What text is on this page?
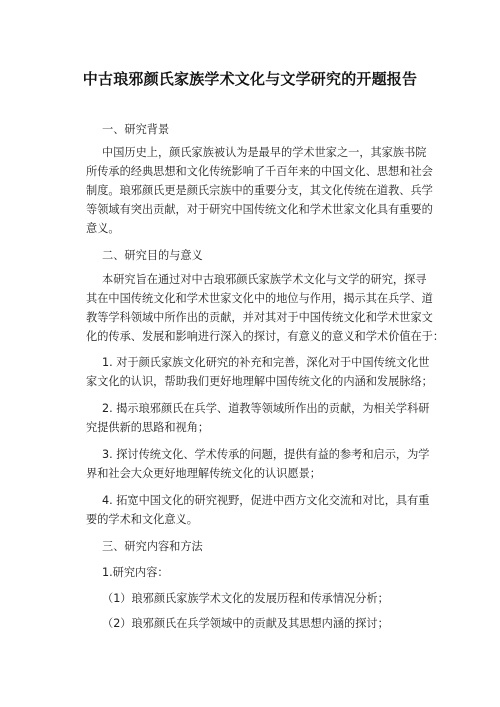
中古琅邪颜氏家族学术文化与文学研究的开题报告
一、研究背景
中国历史上，颜氏家族被认为是最早的学术世家之一，其家族书院
所传承的经典思想和文化传统影响了千百年来的中国文化、思想和社会
制度。琅邪颜氏更是颜氏宗族中的重要分支，其文化传统在道教、兵学
等领域有突出贡献，对于研究中国传统文化和学术世家文化具有重要的
意义。
二、研究目的与意义
本研究旨在通过对中古琅邪颜氏家族学术文化与文学的研究，探寻
其在中国传统文化和学术世家文化中的地位与作用，揭示其在兵学、道
教等学科领域中所作出的贡献，并对其对于中国传统文化和学术世家文
化的传承、发展和影响进行深入的探讨，有意义的意义和学术价值在于：
1. 对于颜氏家族文化研究的补充和完善，深化对于中国传统文化世
家文化的认识，帮助我们更好地理解中国传统文化的内涵和发展脉络；
2. 揭示琅邪颜氏在兵学、道教等领域所作出的贡献，为相关学科研
究提供新的思路和视角；
3. 探讨传统文化、学术传承的问题，提供有益的参考和启示，为学
界和社会大众更好地理解传统文化的认识愿景；
4. 拓宽中国文化的研究视野，促进中西方文化交流和对比，具有重
要的学术和文化意义。
三、研究内容和方法
1.研究内容：
（1）琅邪颜氏家族学术文化的发展历程和传承情况分析；
（2）琅邪颜氏在兵学领域中的贡献及其思想内涵的探讨；
